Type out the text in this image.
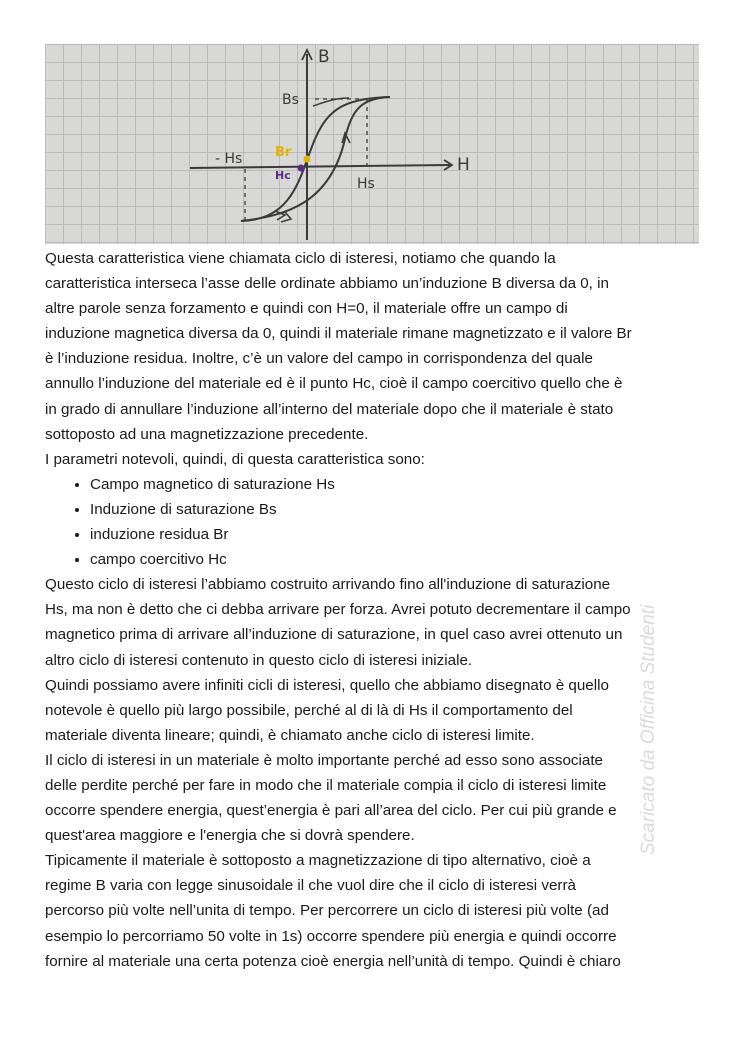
B
H
Bs
Br
- Hs
Hs
Hc

Questa caratteristica viene chiamata ciclo di isteresi, notiamo che quando la

caratteristica interseca l’asse delle ordinate abbiamo un’induzione B diversa da 0, in

altre parole senza forzamento e quindi con H=0, il materiale offre un campo di

induzione magnetica diversa da 0, quindi il materiale rimane magnetizzato e il valore Br

è l’induzione residua. Inoltre, c’è un valore del campo in corrispondenza del quale

annullo l’induzione del materiale ed è il punto Hc, cioè il campo coercitivo quello che è

in grado di annullare l’induzione all’interno del materiale dopo che il materiale è stato

sottoposto ad una magnetizzazione precedente.

I parametri notevoli, quindi, di questa caratteristica sono:

• Campo magnetico di saturazione Hs
• Induzione di saturazione Bs
• induzione residua Br
• campo coercitivo Hc

Questo ciclo di isteresi l’abbiamo costruito arrivando fino all'induzione di saturazione

Hs, ma non è detto che ci debba arrivare per forza. Avrei potuto decrementare il campo

magnetico prima di arrivare all’induzione di saturazione, in quel caso avrei ottenuto un

altro ciclo di isteresi contenuto in questo ciclo di isteresi iniziale.

Quindi possiamo avere infiniti cicli di isteresi, quello che abbiamo disegnato è quello

notevole è quello più largo possibile, perché al di là di Hs il comportamento del

materiale diventa lineare; quindi, è chiamato anche ciclo di isteresi limite.

Il ciclo di isteresi in un materiale è molto importante perché ad esso sono associate

delle perdite perché per fare in modo che il materiale compia il ciclo di isteresi limite

occorre spendere energia, quest’energia è pari all’area del ciclo. Per cui più grande e

quest'area maggiore e l'energia che si dovrà spendere.

Tipicamente il materiale è sottoposto a magnetizzazione di tipo alternativo, cioè a

regime B varia con legge sinusoidale il che vuol dire che il ciclo di isteresi verrà

percorso più volte nell’unita di tempo. Per percorrere un ciclo di isteresi più volte (ad

esempio lo percorriamo 50 volte in 1s) occorre spendere più energia e quindi occorre

fornire al materiale una certa potenza cioè energia nell’unità di tempo. Quindi è chiaro

Scaricato da Officina Studenti
